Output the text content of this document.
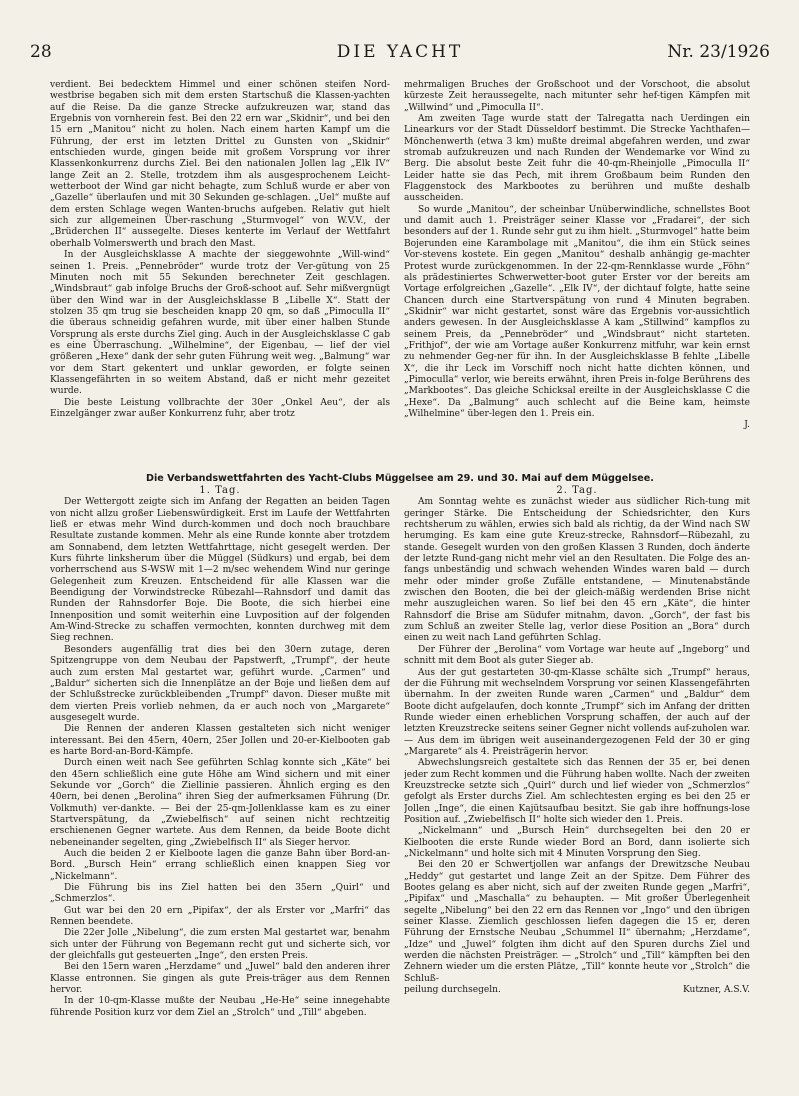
28	DIE YACHT	Nr. 23/1926

verdient. Bei bedecktem Himmel und einer schönen steifen Nord-westbrise begaben sich mit dem ersten Startschuß die Klassen-yachten auf die Reise. Da die ganze Strecke aufzukreuzen war, stand das Ergebnis von vornherein fest. Bei den 22 ern war „Skidnir“, und bei den 15 ern „Manitou“ nicht zu holen. Nach einem harten Kampf um die Führung, der erst im letzten Drittel zu Gunsten von „Skidnir“ entschieden wurde, gingen beide mit großem Vorsprung vor ihrer Klassenkonkurrenz durchs Ziel. Bei den nationalen Jollen lag „Elk IV“ lange Zeit an 2. Stelle, trotzdem ihm als ausgesprochenem Leicht-wetterboot der Wind gar nicht behagte, zum Schluß wurde er aber von „Gazelle“ überlaufen und mit 30 Sekunden ge-schlagen. „Uel“ mußte auf dem ersten Schlage wegen Wanten-bruchs aufgeben. Relativ gut hielt sich zur allgemeinen Über-raschung „Sturmvogel“ von W.V.V., der „Brüderchen II“ aussegelte. Dieses kenterte im Verlauf der Wettfahrt oberhalb Volmerswerth und brach den Mast.

In der Ausgleichsklasse A machte der sieggewohnte „Will-wind“ seinen 1. Preis. „Pennebröder“ wurde trotz der Ver-gütung von 25 Minuten noch mit 55 Sekunden berechneter Zeit geschlagen. „Windsbraut“ gab infolge Bruchs der Groß-schoot auf. Sehr mißvergnügt über den Wind war in der Ausgleichsklasse B „Libelle X“. Statt der stolzen 35 qm trug sie bescheiden knapp 20 qm, so daß „Pimoculla II“ die überaus schneidig gefahren wurde, mit über einer halben Stunde Vorsprung als erste durchs Ziel ging. Auch in der Ausgleichsklasse C gab es eine Überraschung. „Wilhelmine“, der Eigenbau, — lief der viel größeren „Hexe“ dank der sehr guten Führung weit weg. „Balmung“ war vor dem Start gekentert und unklar geworden, er folgte seinen Klassengefährten in so weitem Abstand, daß er nicht mehr gezeitet wurde.

Die beste Leistung vollbrachte der 30er „Onkel Aeu“, der als Einzelgänger zwar außer Konkurrenz fuhr, aber trotz

mehrmaligen Bruches der Großschoot und der Vorschoot, die absolut kürzeste Zeit heraussegelte, nach mitunter sehr hef-tigen Kämpfen mit „Willwind“ und „Pimoculla II“.

Am zweiten Tage wurde statt der Talregatta nach Uerdingen ein Linearkurs vor der Stadt Düsseldorf bestimmt. Die Strecke Yachthafen—Mönchenwerth (etwa 3 km) mußte dreimal abgefahren werden, und zwar stromab aufzukreuzen und nach Runden der Wendemarke vor Wind zu Berg. Die absolut beste Zeit fuhr die 40-qm-Rheinjolle „Pimoculla II“ Leider hatte sie das Pech, mit ihrem Großbaum beim Runden den Flaggenstock des Markbootes zu berühren und mußte deshalb ausscheiden.

So wurde „Manitou“, der scheinbar Unüberwindliche, schnellstes Boot und damit auch 1. Preisträger seiner Klasse vor „Fradarei“, der sich besonders auf der 1. Runde sehr gut zu ihm hielt. „Sturmvogel“ hatte beim Bojerunden eine Karambolage mit „Manitou“, die ihm ein Stück seines Vor-stevens kostete. Ein gegen „Manitou“ deshalb anhängig ge-machter Protest wurde zurückgenommen. In der 22-qm-Rennklasse wurde „Föhn“ als prädestiniertes Schwerwetter-boot guter Erster vor der bereits am Vortage erfolgreichen „Gazelle“. „Elk IV“, der dichtauf folgte, hatte seine Chancen durch eine Startverspätung von rund 4 Minuten begraben. „Skidnir“ war nicht gestartet, sonst wäre das Ergebnis vor-aussichtlich anders gewesen. In der Ausgleichsklasse A kam „Stillwind“ kampflos zu seinem Preis, da „Pennebröder“ und „Windsbraut“ nicht starteten. „Frithjof“, der wie am Vortage außer Konkurrenz mitfuhr, war kein ernst zu nehmender Geg-ner für ihn. In der Ausgleichsklasse B fehlte „Libelle X“, die ihr Leck im Vorschiff noch nicht hatte dichten können, und „Pimoculla“ verlor, wie bereits erwähnt, ihren Preis in-folge Berührens des „Markbootes“. Das gleiche Schicksal ereilte in der Ausgleichsklasse C die „Hexe“. Da „Balmung“ auch schlecht auf die Beine kam, heimste „Wilhelmine“ über-legen den 1. Preis ein.

J.

Die Verbandswettfahrten des Yacht-Clubs Müggelsee am 29. und 30. Mai auf dem Müggelsee.

1. Tag.

Der Wettergott zeigte sich im Anfang der Regatten an beiden Tagen von nicht allzu großer Liebenswürdigkeit. Erst im Laufe der Wettfahrten ließ er etwas mehr Wind durch-kommen und doch noch brauchbare Resultate zustande kommen. Mehr als eine Runde konnte aber trotzdem am Sonnabend, dem letzten Wettfahrttage, nicht gesegelt werden. Der Kurs führte linksherum über die Müggel (Südkurs) und ergab, bei dem vorherrschend aus S-WSW mit 1—2 m/sec wehendem Wind nur geringe Gelegenheit zum Kreuzen. Entscheidend für alle Klassen war die Beendigung der Vorwindstrecke Rübezahl—Rahnsdorf und damit das Runden der Rahnsdorfer Boje. Die Boote, die sich hierbei eine Innenposition und somit weiterhin eine Luvposition auf der folgenden Am-Wind-Strecke zu schaffen vermochten, konnten durchweg mit dem Sieg rechnen.

Besonders augenfällig trat dies bei den 30ern zutage, deren Spitzengruppe von dem Neubau der Papstwerft, „Trumpf“, der heute auch zum ersten Mal gestartet war, geführt wurde. „Carmen“ und „Baldur“ sicherten sich die Innenplätze an der Boje und ließen dem auf der Schlußstrecke zurückbleibenden „Trumpf“ davon. Dieser mußte mit dem vierten Preis vorlieb nehmen, da er auch noch von „Margarete“ ausgesegelt wurde.

Die Rennen der anderen Klassen gestalteten sich nicht weniger interessant. Bei den 45ern, 40ern, 25er Jollen und 20-er-Kielbooten gab es harte Bord-an-Bord-Kämpfe.

Durch einen weit nach See geführten Schlag konnte sich „Käte“ bei den 45ern schließlich eine gute Höhe am Wind sichern und mit einer Sekunde vor „Gorch“ die Ziellinie passieren. Ähnlich erging es den 40ern, bei denen „Berolina“ ihren Sieg der aufmerksamen Führung (Dr. Volkmuth) ver-dankte. — Bei der 25-qm-Jollenklasse kam es zu einer Startverspätung, da „Zwiebelfisch“ auf seinen nicht rechtzeitig erschienenen Gegner wartete. Aus dem Rennen, da beide Boote dicht nebeneinander segelten, ging „Zwiebelfisch II“ als Sieger hervor.

Auch die beiden 2 er Kielboote lagen die ganze Bahn über Bord-an-Bord. „Bursch Hein“ errang schließlich einen knappen Sieg vor „Nickelmann“.

Die Führung bis ins Ziel hatten bei den 35ern „Quirl“ und „Schmerzlos“.

Gut war bei den 20 ern „Pipifax“, der als Erster vor „Marfri“ das Rennen beendete.

Die 22er Jolle „Nibelung“, die zum ersten Mal gestartet war, benahm sich unter der Führung von Begemann recht gut und sicherte sich, vor der gleichfalls gut gesteuerten „Inge“, den ersten Preis.

Bei den 15ern waren „Herzdame“ und „Juwel“ bald den anderen ihrer Klasse entronnen. Sie gingen als gute Preis-träger aus dem Rennen hervor.

In der 10-qm-Klasse mußte der Neubau „He-He“ seine innegehabte führende Position kurz vor dem Ziel an „Strolch“ und „Till“ abgeben.

2. Tag.

Am Sonntag wehte es zunächst wieder aus südlicher Rich-tung mit geringer Stärke. Die Entscheidung der Schiedsrichter, den Kurs rechtsherum zu wählen, erwies sich bald als richtig, da der Wind nach SW herumging. Es kam eine gute Kreuz-strecke, Rahnsdorf—Rübezahl, zu stande. Gesegelt wurden von den großen Klassen 3 Runden, doch änderte der letzte Rund-gang nicht mehr viel an den Resultaten. Die Folge des an-fangs unbeständig und schwach wehenden Windes waren bald — durch mehr oder minder große Zufälle entstandene, — Minutenabstände zwischen den Booten, die bei der gleich-mäßig werdenden Brise nicht mehr auszugleichen waren. So lief bei den 45 ern „Käte“, die hinter Rahnsdorf die Brise am Südufer mitnahm, davon. „Gorch“, der fast bis zum Schluß an zweiter Stelle lag, verlor diese Position an „Bora“ durch einen zu weit nach Land geführten Schlag.

Der Führer der „Berolina“ vom Vortage war heute auf „Ingeborg“ und schnitt mit dem Boot als guter Sieger ab.

Aus der gut gestarteten 30-qm-Klasse schälte sich „Trumpf“ heraus, der die Führung mit wechselndem Vorsprung vor seinen Klassengefährten übernahm. In der zweiten Runde waren „Carmen“ und „Baldur“ dem Boote dicht aufgelaufen, doch konnte „Trumpf“ sich im Anfang der dritten Runde wieder einen erheblichen Vorsprung schaffen, der auch auf der letzten Kreuzstrecke seitens seiner Gegner nicht vollends auf-zuholen war. — Aus dem im übrigen weit auseinandergezogenen Feld der 30 er ging „Margarete“ als 4. Preisträgerin hervor.

Abwechslungsreich gestaltete sich das Rennen der 35 er, bei denen jeder zum Recht kommen und die Führung haben wollte. Nach der zweiten Kreuzstrecke setzte sich „Quirl“ durch und lief wieder von „Schmerzlos“ gefolgt als Erster durchs Ziel. Am schlechtesten erging es bei den 25 er Jollen „Inge“, die einen Kajütsaufbau besitzt. Sie gab ihre hoffnungs-lose Position auf. „Zwiebelfisch II“ holte sich wieder den 1. Preis.

„Nickelmann“ und „Bursch Hein“ durchsegelten bei den 20 er Kielbooten die erste Runde wieder Bord an Bord, dann isolierte sich „Nickelmann“ und holte sich mit 4 Minuten Vorsprung den Sieg.

Bei den 20 er Schwertjollen war anfangs der Drewitzsche Neubau „Heddy“ gut gestartet und lange Zeit an der Spitze. Dem Führer des Bootes gelang es aber nicht, sich auf der zweiten Runde gegen „Marfri“, „Pipifax“ und „Maschalla“ zu behaupten. — Mit großer Überlegenheit segelte „Nibelung“ bei den 22 ern das Rennen vor „Ingo“ und den übrigen seiner Klasse. Ziemlich geschlossen liefen dagegen die 15 er, deren Führung der Ernstsche Neubau „Schummel II“ übernahm; „Herzdame“, „Idze“ und „Juwel“ folgten ihm dicht auf den Spuren durchs Ziel und werden die nächsten Preisträger. — „Strolch“ und „Till“ kämpften bei den Zehnern wieder um die ersten Plätze, „Till“ konnte heute vor „Strolch“ die Schluß-

peilung durchsegeln.	Kutzner, A.S.V.
